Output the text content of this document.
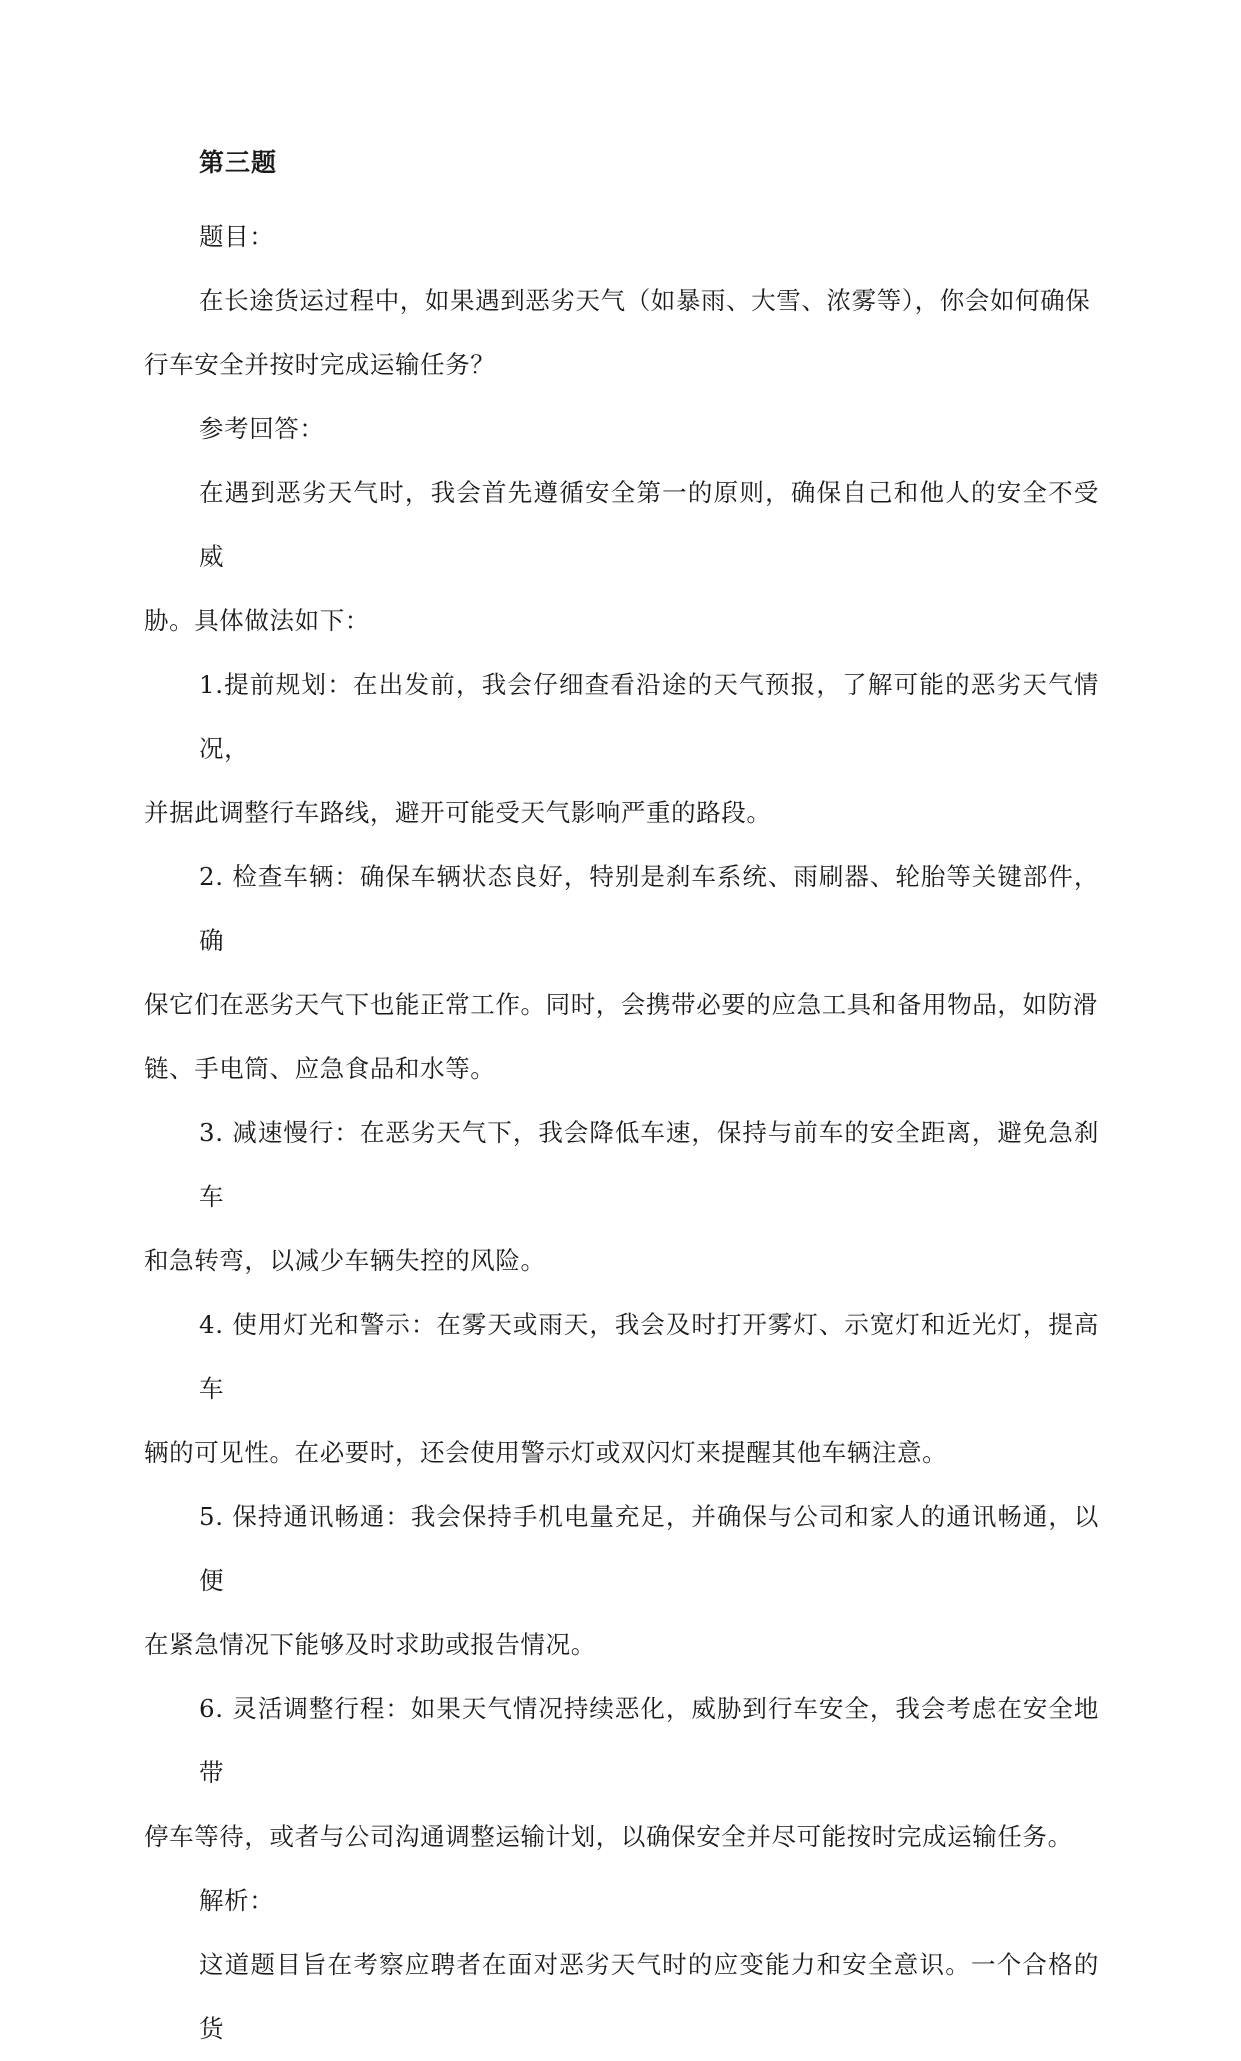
第三题

题目：

在长途货运过程中，如果遇到恶劣天气（如暴雨、大雪、浓雾等），你会如何确保

行车安全并按时完成运输任务？

参考回答：

在遇到恶劣天气时，我会首先遵循安全第一的原则，确保自己和他人的安全不受威

胁。具体做法如下：

1.提前规划：在出发前，我会仔细查看沿途的天气预报，了解可能的恶劣天气情况，

并据此调整行车路线，避开可能受天气影响严重的路段。

2. 检查车辆：确保车辆状态良好，特别是刹车系统、雨刷器、轮胎等关键部件，确

保它们在恶劣天气下也能正常工作。同时，会携带必要的应急工具和备用物品，如防滑

链、手电筒、应急食品和水等。

3. 减速慢行：在恶劣天气下，我会降低车速，保持与前车的安全距离，避免急刹车

和急转弯，以减少车辆失控的风险。

4. 使用灯光和警示：在雾天或雨天，我会及时打开雾灯、示宽灯和近光灯，提高车

辆的可见性。在必要时，还会使用警示灯或双闪灯来提醒其他车辆注意。

5. 保持通讯畅通：我会保持手机电量充足，并确保与公司和家人的通讯畅通，以便

在紧急情况下能够及时求助或报告情况。

6. 灵活调整行程：如果天气情况持续恶化，威胁到行车安全，我会考虑在安全地带

停车等待，或者与公司沟通调整运输计划，以确保安全并尽可能按时完成运输任务。

解析：

这道题目旨在考察应聘者在面对恶劣天气时的应变能力和安全意识。一个合格的货
